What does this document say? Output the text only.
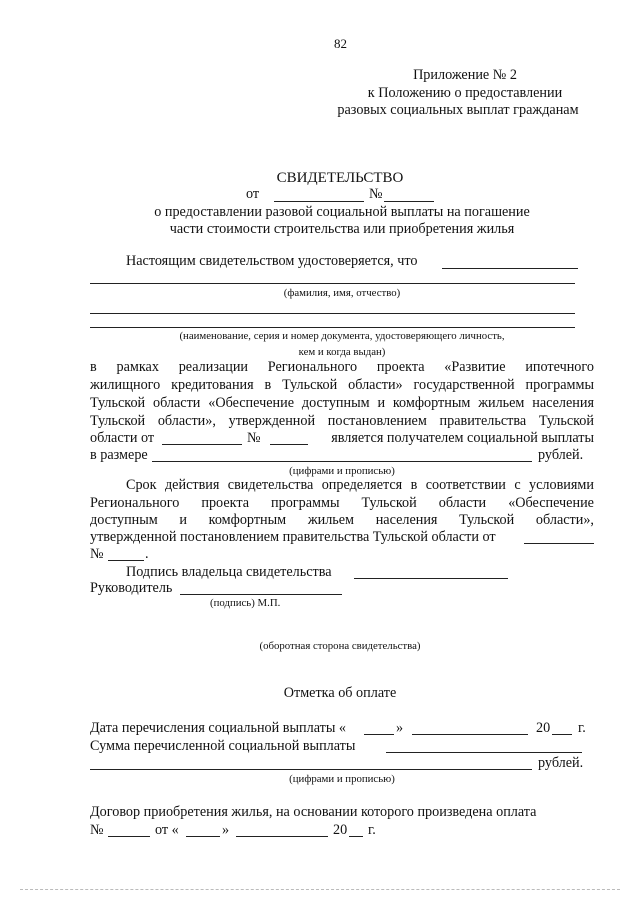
82
Приложение № 2
к Положению о предоставлении
разовых социальных выплат гражданам
СВИДЕТЕЛЬСТВО
от	№
о предоставлении разовой социальной выплаты на погашение
части стоимости строительства или приобретения жилья
Настоящим свидетельством удостоверяется, что
(фамилия, имя, отчество)
(наименование, серия и номер документа, удостоверяющего личность,
кем и когда выдан)
в рамках реализации Регионального проекта «Развитие ипотечного
жилищного кредитования в Тульской области» государственной программы
Тульской области «Обеспечение доступным и комфортным жильем населения
Тульской области», утвержденной постановлением правительства Тульской
области от	№	является получателем социальной выплаты
в размере	рублей.
(цифрами и прописью)
Срок действия свидетельства определяется в соответствии с условиями
Регионального проекта программы Тульской области «Обеспечение
доступным и комфортным жильем населения Тульской области»,
утвержденной постановлением правительства Тульской области от
№	.
Подпись владельца свидетельства
Руководитель
(подпись) М.П.
(оборотная сторона свидетельства)
Отметка об оплате
Дата перечисления социальной выплаты «	»	20 г.
Сумма перечисленной социальной выплаты
рублей.
(цифрами и прописью)
Договор приобретения жилья, на основании которого произведена оплата
№	от «	»	20 г.
